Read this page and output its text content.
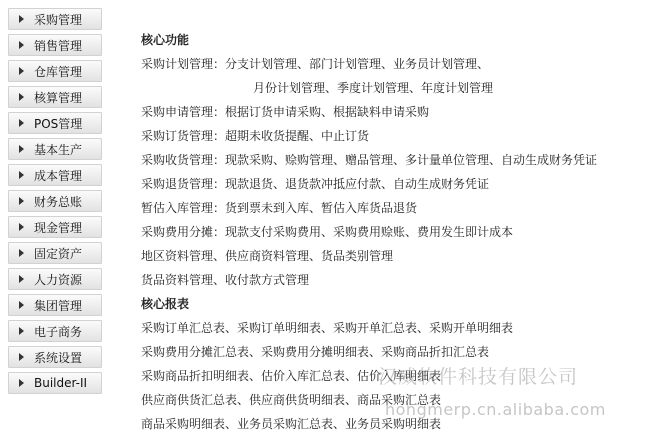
采购管理
销售管理
仓库管理
核算管理
POS管理
基本生产
成本管理
财务总账
现金管理
固定资产
人力资源
集团管理
电子商务
系统设置
Builder-II
核心功能
采购计划管理：分支计划管理、部门计划管理、业务员计划管理、
月份计划管理、季度计划管理、年度计划管理
采购申请管理：根据订货申请采购、根据缺料申请采购
采购订货管理：超期未收货提醒、中止订货
采购收货管理：现款采购、赊购管理、赠品管理、多计量单位管理、自动生成财务凭证
采购退货管理：现款退货、退货款冲抵应付款、自动生成财务凭证
暂估入库管理：货到票未到入库、暂估入库货品退货
采购费用分摊：现款支付采购费用、采购费用赊账、费用发生即计成本
地区资料管理、供应商资料管理、货品类别管理
货品资料管理、收付款方式管理
核心报表
采购订单汇总表、采购订单明细表、采购开单汇总表、采购开单明细表
采购费用分摊汇总表、采购费用分摊明细表、采购商品折扣汇总表
采购商品折扣明细表、估价入库汇总表、估价入库明细表
供应商供货汇总表、供应商供货明细表、商品采购汇总表
商品采购明细表、业务员采购汇总表、业务员采购明细表
汉威软件科技有限公司
hongmerp.cn.alibaba.com
